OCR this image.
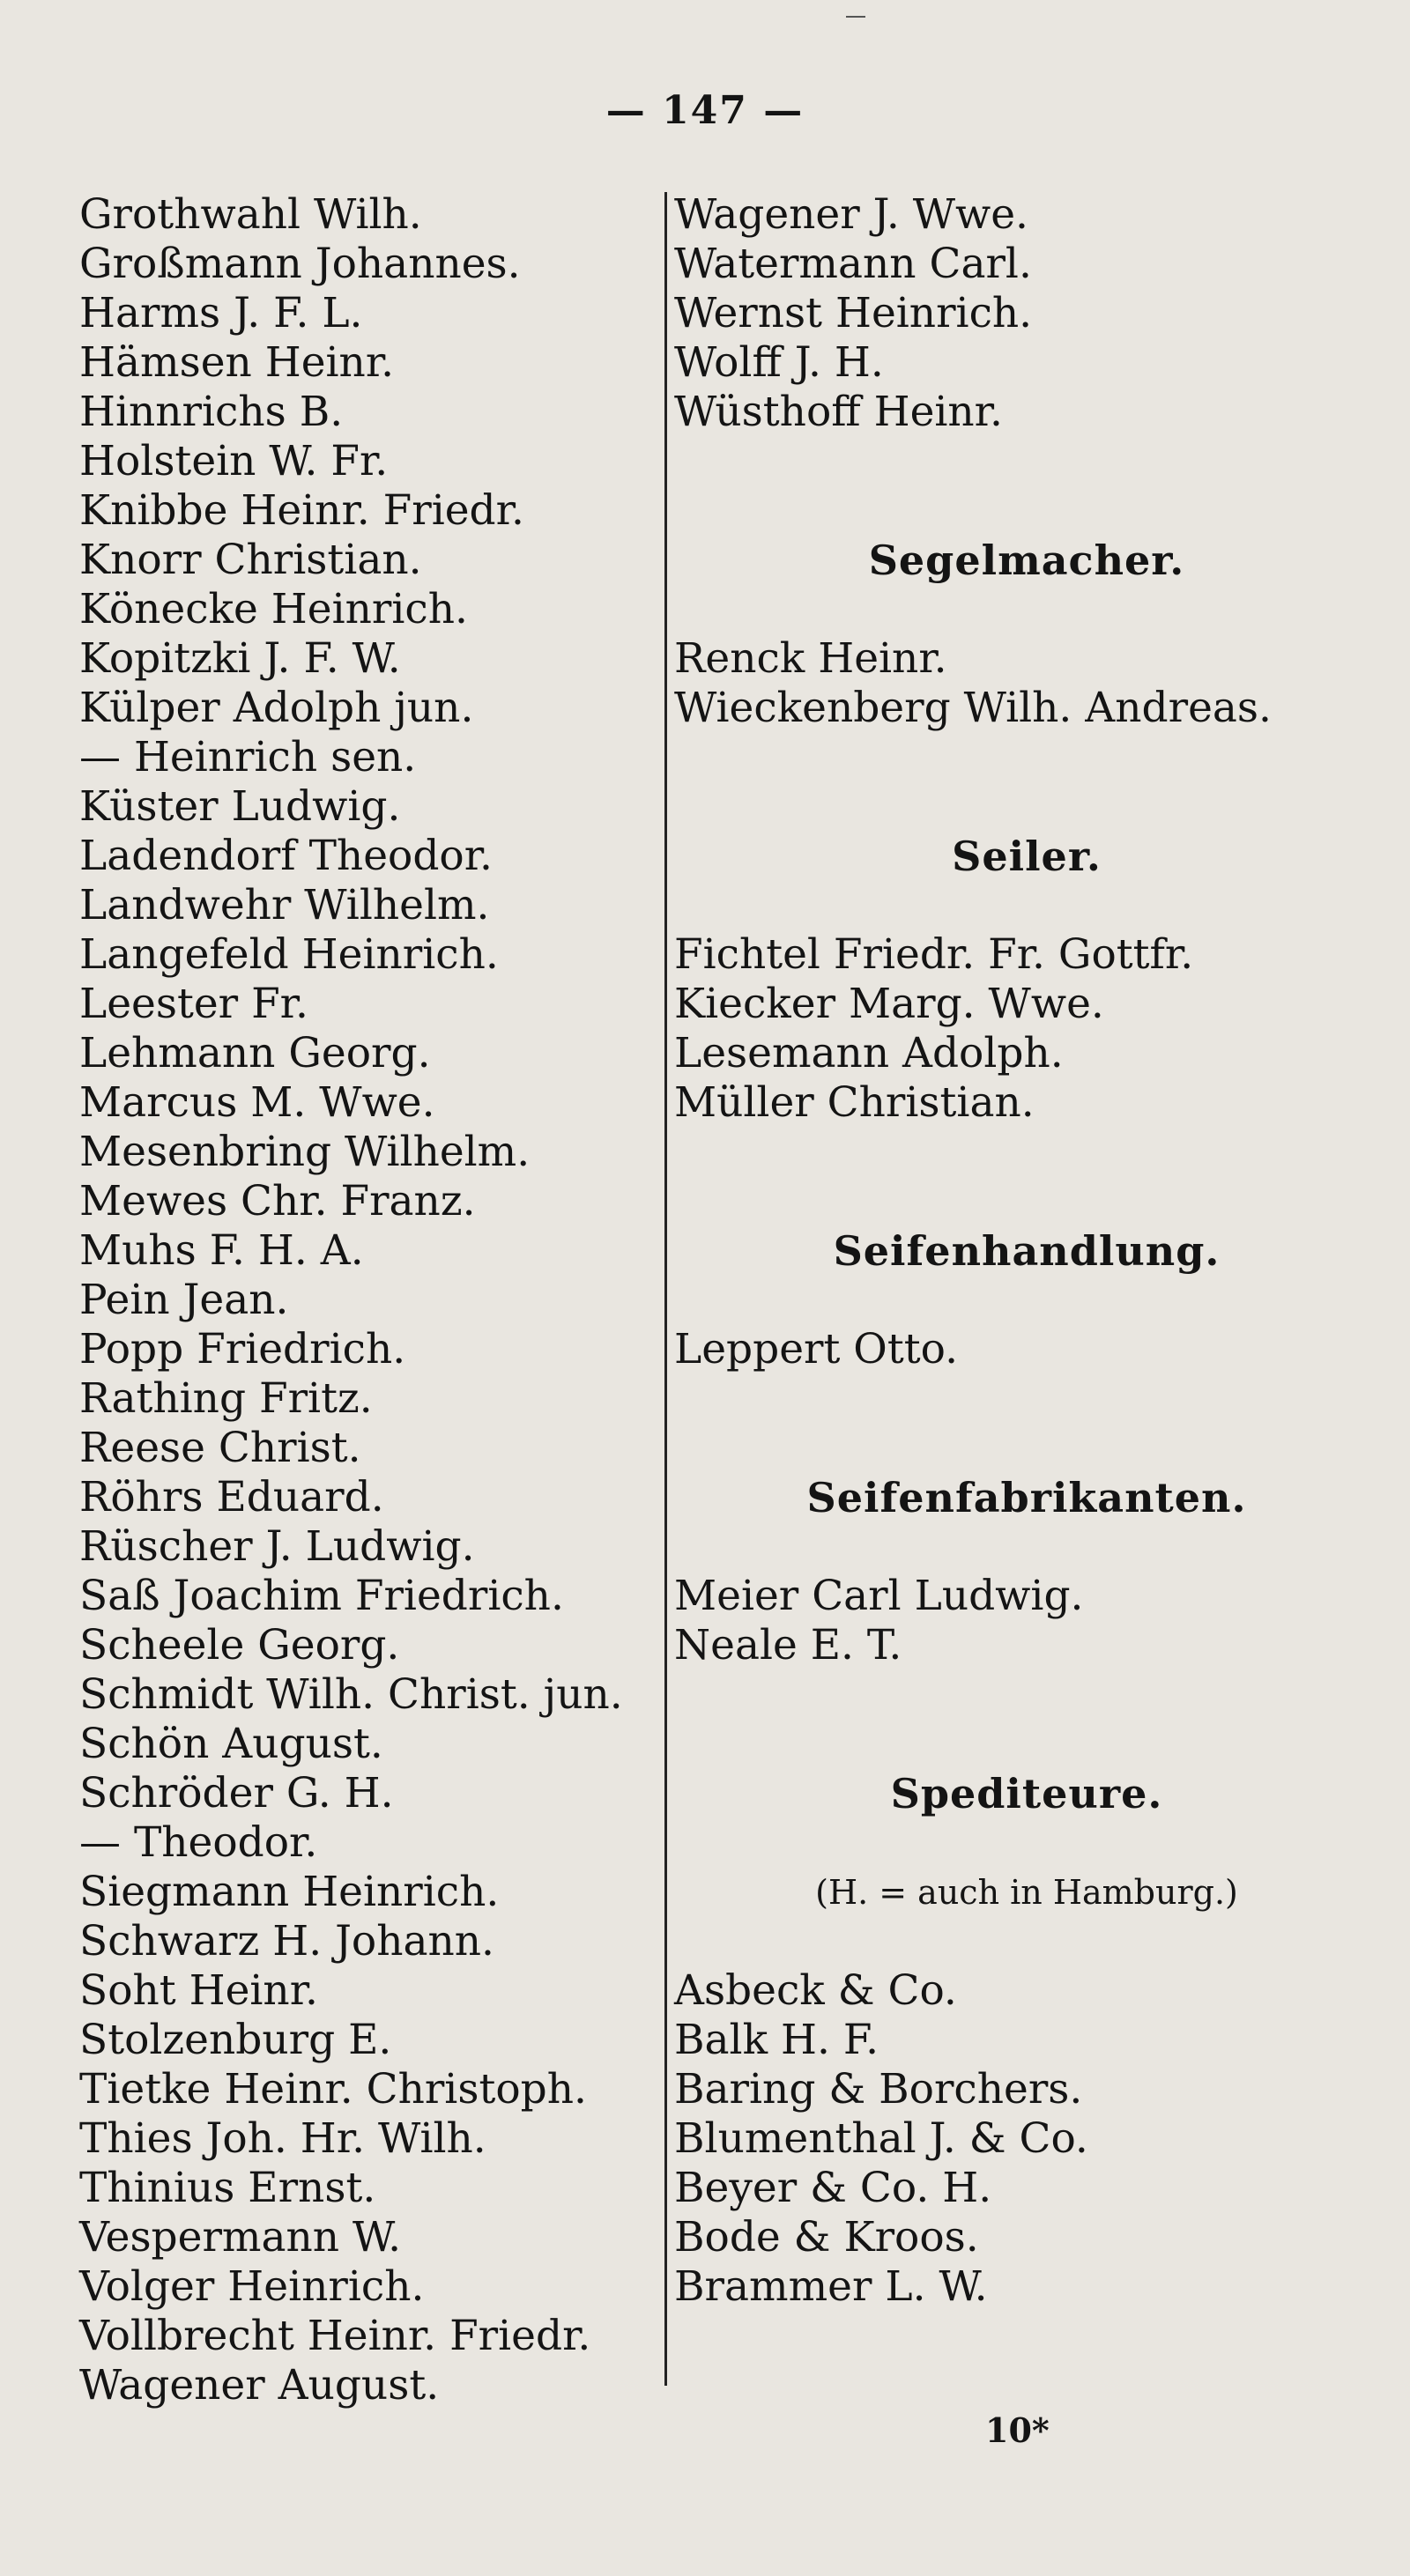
— 147 —
Grothwahl Wilh.
Großmann Johannes.
Harms J. F. L.
Hämsen Heinr.
Hinnrichs B.
Holstein W. Fr.
Knibbe Heinr. Friedr.
Knorr Christian.
Könecke Heinrich.
Kopitzki J. F. W.
Külper Adolph jun.
— Heinrich sen.
Küster Ludwig.
Ladendorf Theodor.
Landwehr Wilhelm.
Langefeld Heinrich.
Leester Fr.
Lehmann Georg.
Marcus M. Wwe.
Mesenbring Wilhelm.
Mewes Chr. Franz.
Muhs F. H. A.
Pein Jean.
Popp Friedrich.
Rathing Fritz.
Reese Christ.
Röhrs Eduard.
Rüscher J. Ludwig.
Saß Joachim Friedrich.
Scheele Georg.
Schmidt Wilh. Christ. jun.
Schön August.
Schröder G. H.
— Theodor.
Siegmann Heinrich.
Schwarz H. Johann.
Soht Heinr.
Stolzenburg E.
Tietke Heinr. Christoph.
Thies Joh. Hr. Wilh.
Thinius Ernst.
Vespermann W.
Volger Heinrich.
Vollbrecht Heinr. Friedr.
Wagener August.
Wagener J. Wwe.
Watermann Carl.
Wernst Heinrich.
Wolff J. H.
Wüsthoff Heinr.
Segelmacher.
Renck Heinr.
Wieckenberg Wilh. Andreas.
Seiler.
Fichtel Friedr. Fr. Gottfr.
Kiecker Marg. Wwe.
Lesemann Adolph.
Müller Christian.
Seifenhandlung.
Leppert Otto.
Seifenfabrikanten.
Meier Carl Ludwig.
Neale E. T.
Spediteure.
(H. = auch in Hamburg.)
Asbeck & Co.
Balk H. F.
Baring & Borchers.
Blumenthal J. & Co.
Beyer & Co. H.
Bode & Kroos.
Brammer L. W.
10*
